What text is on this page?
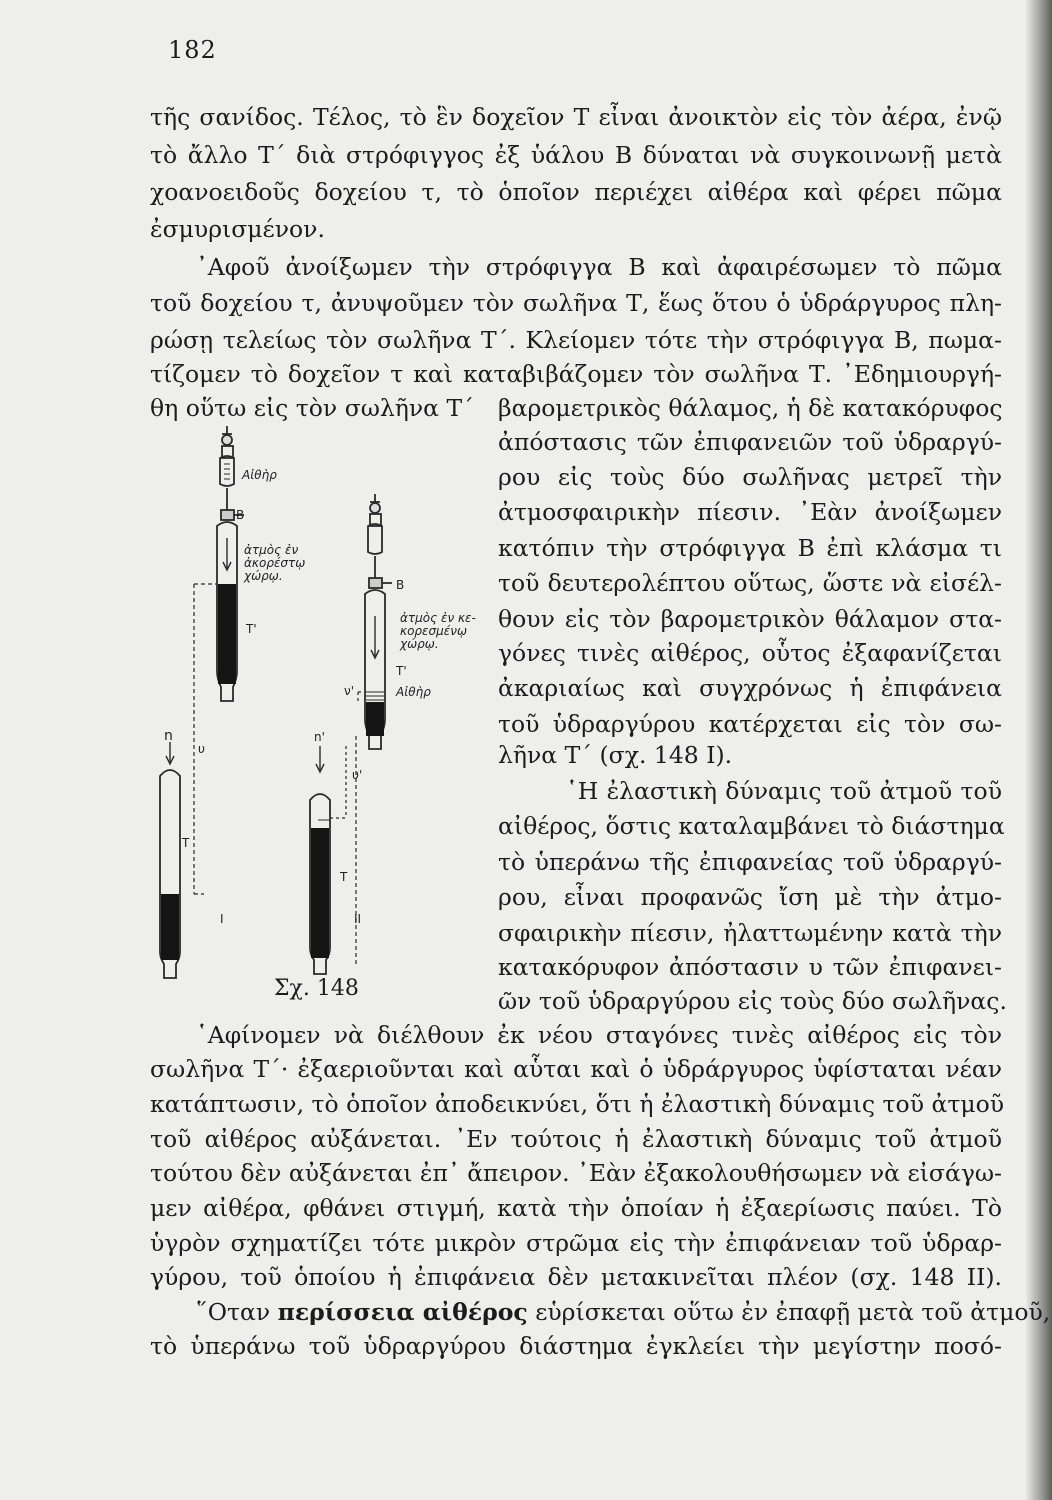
182
τῆς σανίδος. Τέλος, τὸ ἓν δοχεῖον Τ εἶναι ἀνοικτὸν εἰς τὸν ἀέρα, ἐνῷ
τὸ ἄλλο Τ΄ διὰ στρόφιγγος ἐξ ὑάλου Β δύναται νὰ συγκοινωνῇ μετὰ
χοανοειδοῦς δοχείου τ, τὸ ὁποῖον περιέχει αἰθέρα καὶ φέρει πῶμα
ἐσμυρισμένον.
᾿Αφοῦ ἀνοίξωμεν τὴν στρόφιγγα Β καὶ ἀφαιρέσωμεν τὸ πῶμα
τοῦ δοχείου τ, ἀνυψοῦμεν τὸν σωλῆνα Τ, ἕως ὅτου ὁ ὑδράργυρος πλη-
ρώσῃ τελείως τὸν σωλῆνα Τ΄. Κλείομεν τότε τὴν στρόφιγγα Β, πωμα-
τίζομεν τὸ δοχεῖον τ καὶ καταβιβάζομεν τὸν σωλῆνα Τ. ᾿Εδημιουργή-
θη οὕτω εἰς τὸν σωλῆνα Τ΄ βαρομετρικὸς θάλαμος, ἡ δὲ κατακόρυφος
ἀπόστασις τῶν ἐπιφανειῶν τοῦ ὑδραργύ-
ρου εἰς τοὺς δύο σωλῆνας μετρεῖ τὴν
ἀτμοσφαιρικὴν πίεσιν. ᾿Εὰν ἀνοίξωμεν
κατόπιν τὴν στρόφιγγα Β ἐπὶ κλάσμα τι
τοῦ δευτερολέπτου οὕτως, ὥστε νὰ εἰσέλ-
θουν εἰς τὸν βαρομετρικὸν θάλαμον στα-
γόνες τινὲς αἰθέρος, οὗτος ἐξαφανίζεται
ἀκαριαίως καὶ συγχρόνως ἡ ἐπιφάνεια
τοῦ ὑδραργύρου κατέρχεται εἰς τὸν σω-
λῆνα Τ΄ (σχ. 148 Ι).
῾Η ἐλαστικὴ δύναμις τοῦ ἀτμοῦ τοῦ
αἰθέρος, ὅστις καταλαμβάνει τὸ διάστημα
τὸ ὑπεράνω τῆς ἐπιφανείας τοῦ ὑδραργύ-
ρου, εἶναι προφανῶς ἴση μὲ τὴν ἀτμο-
σφαιρικὴν πίεσιν, ἠλαττωμένην κατὰ τὴν
κατακόρυφον ἀπόστασιν υ τῶν ἐπιφανει-
ῶν τοῦ ὑδραργύρου εἰς τοὺς δύο σωλῆνας.
Αἰθὴρ
B
ἀτμὸς ἐν ἀκορέστῳ χώρῳ.
Τ'
n
υ
Τ
I
B
ἀτμὸς ἐν κε- κορεσμένῳ χώρῳ.
Τ'
Αἰθὴρ
ν'
n'
υ'
Τ
II
Σχ. 148
῾Αφίνομεν νὰ διέλθουν ἐκ νέου σταγόνες τινὲς αἰθέρος εἰς τὸν
σωλῆνα Τ΄· ἐξαεριοῦνται καὶ αὗται καὶ ὁ ὑδράργυρος ὑφίσταται νέαν
κατάπτωσιν, τὸ ὁποῖον ἀποδεικνύει, ὅτι ἡ ἐλαστικὴ δύναμις τοῦ ἀτμοῦ
τοῦ αἰθέρος αὐξάνεται. ᾿Εν τούτοις ἡ ἐλαστικὴ δύναμις τοῦ ἀτμοῦ
τούτου δὲν αὐξάνεται ἐπ᾿ ἄπειρον. ᾿Εὰν ἐξακολουθήσωμεν νὰ εἰσάγω-
μεν αἰθέρα, φθάνει στιγμή, κατὰ τὴν ὁποίαν ἡ ἐξαερίωσις παύει. Τὸ
ὑγρὸν σχηματίζει τότε μικρὸν στρῶμα εἰς τὴν ἐπιφάνειαν τοῦ ὑδραρ-
γύρου, τοῦ ὁποίου ἡ ἐπιφάνεια δὲν μετακινεῖται πλέον (σχ. 148 ΙΙ).
῞Οταν περίσσεια αἰθέρος εὑρίσκεται οὕτω ἐν ἐπαφῇ μετὰ τοῦ ἀτμοῦ,
τὸ ὑπεράνω τοῦ ὑδραργύρου διάστημα ἐγκλείει τὴν μεγίστην ποσό-
